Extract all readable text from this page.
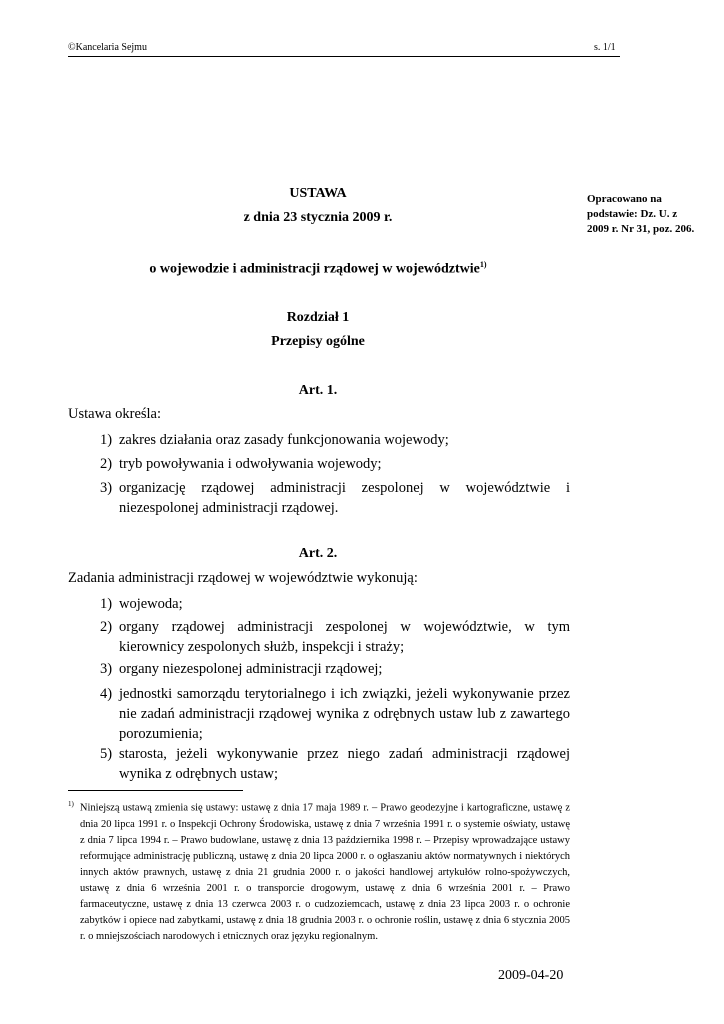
©Kancelaria Sejmu	s. 1/1
USTAWA
z dnia 23 stycznia 2009 r.
o wojewodzie i administracji rządowej w województwie$^{1)}$
Opracowano na podstawie: Dz. U. z 2009 r. Nr 31, poz. 206.
Rozdział 1
Przepisy ogólne
Art. 1.
Ustawa określa:
1) zakres działania oraz zasady funkcjonowania wojewody;
2) tryb powoływania i odwoływania wojewody;
3) organizację rządowej administracji zespolonej w województwie i niezespolonej administracji rządowej.
Art. 2.
Zadania administracji rządowej w województwie wykonują:
1) wojewoda;
2) organy rządowej administracji zespolonej w województwie, w tym kierownicy zespolonych służb, inspekcji i straży;
3) organy niezespolonej administracji rządowej;
4) jednostki samorządu terytorialnego i ich związki, jeżeli wykonywanie przez nie zadań administracji rządowej wynika z odrębnych ustaw lub z zawartego porozumienia;
5) starosta, jeżeli wykonywanie przez niego zadań administracji rządowej wynika z odrębnych ustaw;
$^{1)}$ Niniejszą ustawą zmienia się ustawy: ustawę z dnia 17 maja 1989 r. – Prawo geodezyjne i kartograficzne, ustawę z dnia 20 lipca 1991 r. o Inspekcji Ochrony Środowiska, ustawę z dnia 7 września 1991 r. o systemie oświaty, ustawę z dnia 7 lipca 1994 r. – Prawo budowlane, ustawę z dnia 13 października 1998 r. – Przepisy wprowadzające ustawy reformujące administrację publiczną, ustawę z dnia 20 lipca 2000 r. o ogłaszaniu aktów normatywnych i niektórych innych aktów prawnych, ustawę z dnia 21 grudnia 2000 r. o jakości handlowej artykułów rolno-spożywczych, ustawę z dnia 6 września 2001 r. o transporcie drogowym, ustawę z dnia 6 września 2001 r. – Prawo farmaceutyczne, ustawę z dnia 13 czerwca 2003 r. o cudzoziemcach, ustawę z dnia 23 lipca 2003 r. o ochronie zabytków i opiece nad zabytkami, ustawę z dnia 18 grudnia 2003 r. o ochronie roślin, ustawę z dnia 6 stycznia 2005 r. o mniejszościach narodowych i etnicznych oraz języku regionalnym.
2009-04-20
